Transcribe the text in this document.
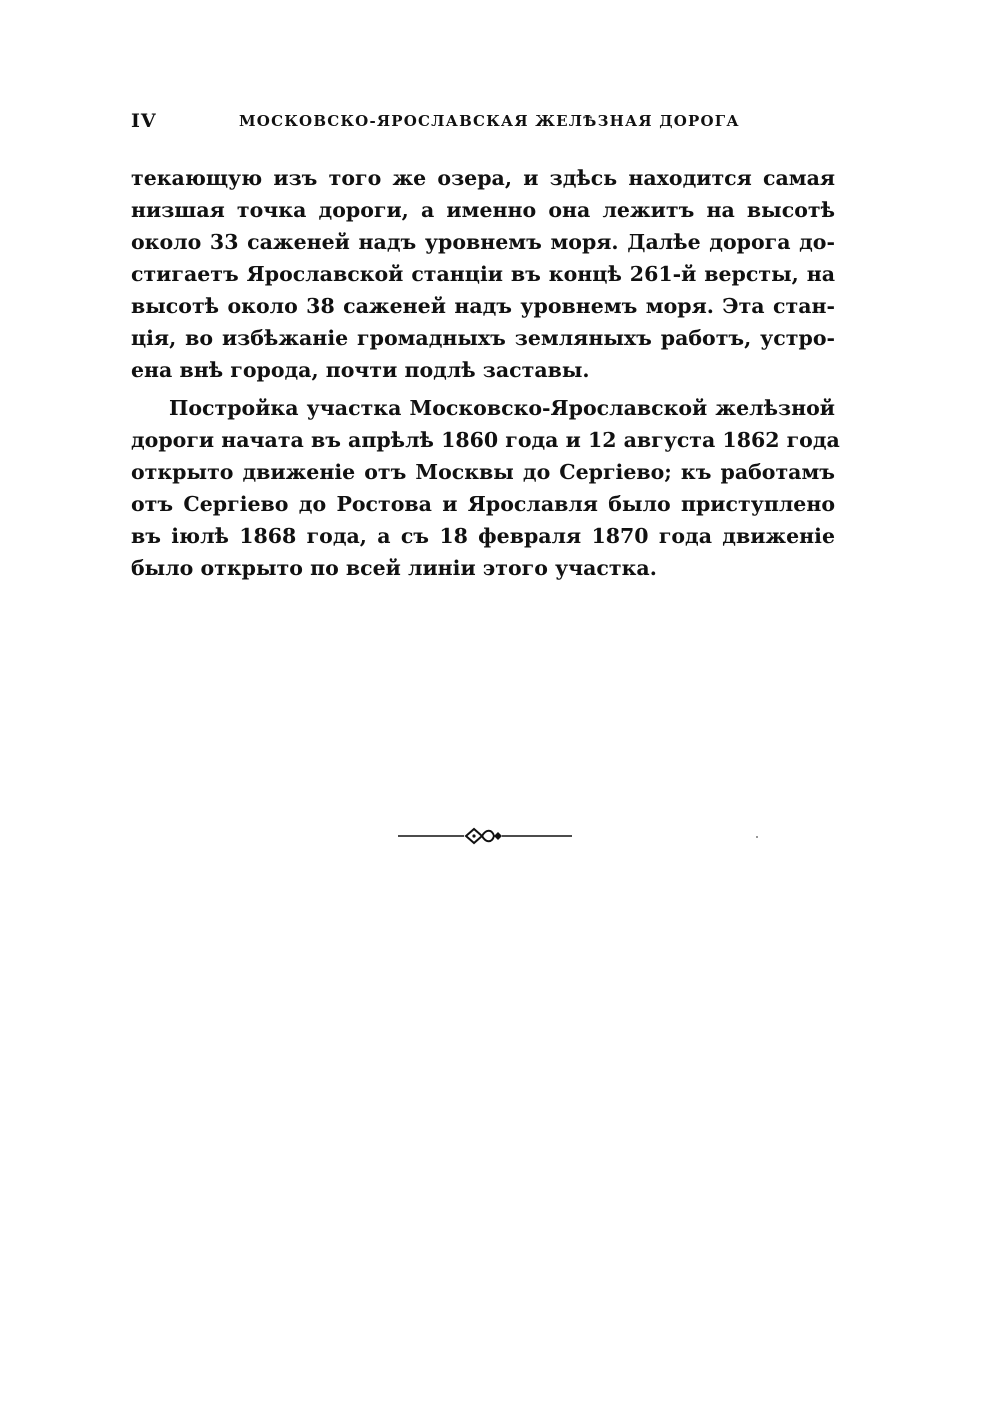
IV	МОСКОВСКО-ЯРОСЛАВСКАЯ ЖЕЛѢЗНАЯ ДОРОГА

текающую изъ того же озера, и здѣсь находится самая

низшая точка дороги, а именно она лежитъ на высотѣ

около 33 саженей надъ уровнемъ моря. Далѣе дорога до-

стигаетъ Ярославской станціи въ концѣ 261-й версты, на

высотѣ около 38 саженей надъ уровнемъ моря. Эта стан-

ція, во избѣжаніе громадныхъ земляныхъ работъ, устро-

ена внѣ города, почти подлѣ заставы.

Постройка участка Московско-Ярославской желѣзной

дороги начата въ апрѣлѣ 1860 года и 12 августа 1862 года

открыто движеніе отъ Москвы до Сергіево; къ работамъ

отъ Сергіево до Ростова и Ярославля было приступлено

въ іюлѣ 1868 года, а съ 18 февраля 1870 года движеніе

было открыто по всей линіи этого участка.
